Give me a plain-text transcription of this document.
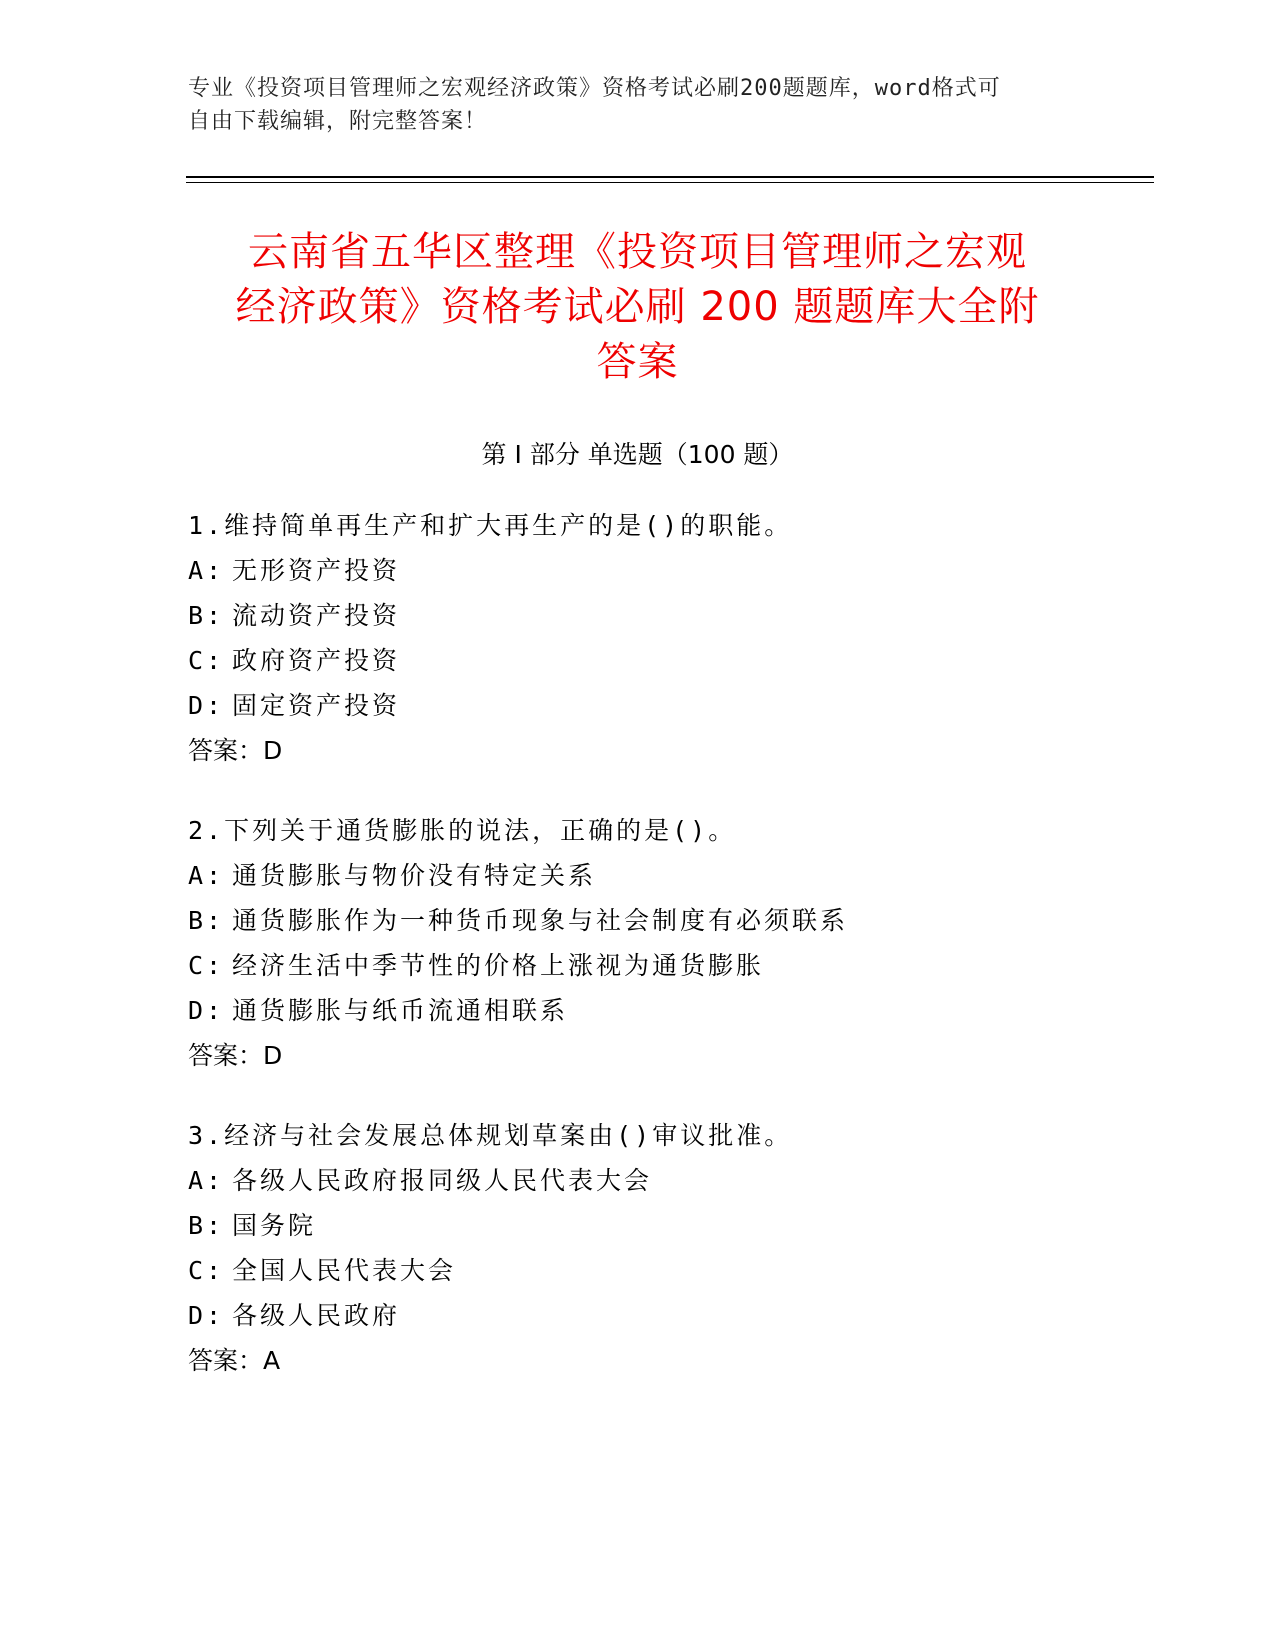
专业《投资项目管理师之宏观经济政策》资格考试必刷200题题库，word格式可
自由下载编辑，附完整答案！
云南省五华区整理《投资项目管理师之宏观
经济政策》资格考试必刷 200 题题库大全附
答案
第 I 部分 单选题（100 题）
1.维持简单再生产和扩大再生产的是()的职能。
A: 无形资产投资
B: 流动资产投资
C: 政府资产投资
D: 固定资产投资
答案：D
2.下列关于通货膨胀的说法，正确的是()。
A: 通货膨胀与物价没有特定关系
B: 通货膨胀作为一种货币现象与社会制度有必须联系
C: 经济生活中季节性的价格上涨视为通货膨胀
D: 通货膨胀与纸币流通相联系
答案：D
3.经济与社会发展总体规划草案由()审议批准。
A: 各级人民政府报同级人民代表大会
B: 国务院
C: 全国人民代表大会
D: 各级人民政府
答案：A
